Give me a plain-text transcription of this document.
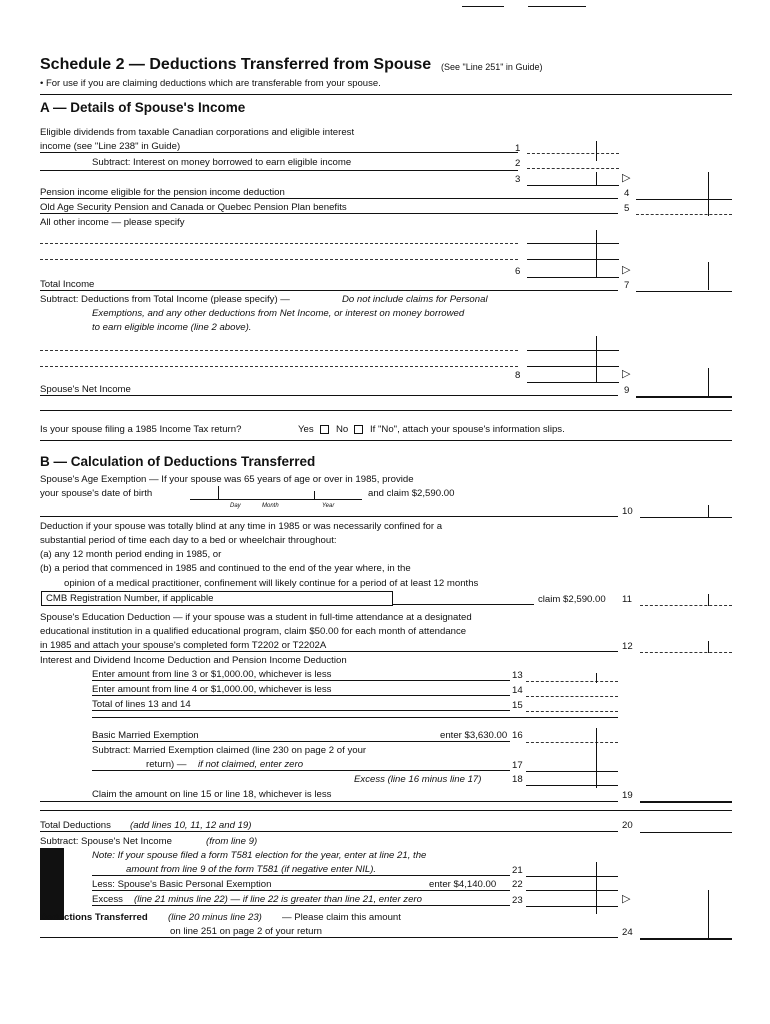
Schedule 2 — Deductions Transferred from Spouse (See "Line 251" in Guide)
• For use if you are claiming deductions which are transferable from your spouse.
A — Details of Spouse's Income
Eligible dividends from taxable Canadian corporations and eligible interest
income (see "Line 238" in Guide)	1
Subtract: Interest on money borrowed to earn eligible income	2
3	▷
Pension income eligible for the pension income deduction	4
Old Age Security Pension and Canada or Quebec Pension Plan benefits	5
All other income — please specify
6	▷
Total Income	7
Subtract: Deductions from Total Income (please specify) —	Do not include claims for Personal
Exemptions, and any other deductions from Net Income, or interest on money borrowed
to earn eligible income (line 2 above).
8	▷
Spouse's Net Income	9
Is your spouse filing a 1985 Income Tax return?	Yes No If "No", attach your spouse's information slips.
B — Calculation of Deductions Transferred
Spouse's Age Exemption — If your spouse was 65 years of age or over in 1985, provide
your spouse's date of birth	and claim $2,590.00
Day	Month	Year	10
Deduction if your spouse was totally blind at any time in 1985 or was necessarily confined for a
substantial period of time each day to a bed or wheelchair throughout:
(a) any 12 month period ending in 1985, or
(b) a period that commenced in 1985 and continued to the end of the year where, in the
opinion of a medical practitioner, confinement will likely continue for a period of at least 12 months
CMB Registration Number, if applicable	claim $2,590.00 11
Spouse's Education Deduction — if your spouse was a student in full-time attendance at a designated
educational institution in a qualified educational program, claim $50.00 for each month of attendance
in 1985 and attach your spouse's completed form T2202 or T2202A	12
Interest and Dividend Income Deduction and Pension Income Deduction
Enter amount from line 3 or $1,000.00, whichever is less	13
Enter amount from line 4 or $1,000.00, whichever is less	14
Total of lines 13 and 14	15
Basic Married Exemption	enter $3,630.00 16
Subtract: Married Exemption claimed (line 230 on page 2 of your
return) — if not claimed, enter zero	17
Excess (line 16 minus line 17)	18
Claim the amount on line 15 or line 18, whichever is less	19
Total Deductions (add lines 10, 11, 12 and 19)	20
Subtract: Spouse's Net Income	(from line 9)
Note: If your spouse filed a form T581 election for the year, enter at line 21, the
amount from line 9 of the form T581 (if negative enter NIL).	21
Less: Spouse's Basic Personal Exemption	enter $4,140.00 22
Excess (line 21 minus line 22) — if line 22 is greater than line 21, enter zero	23	▷
Deductions Transferred (line 20 minus line 23) — Please claim this amount
on line 251 on page 2 of your return	24
